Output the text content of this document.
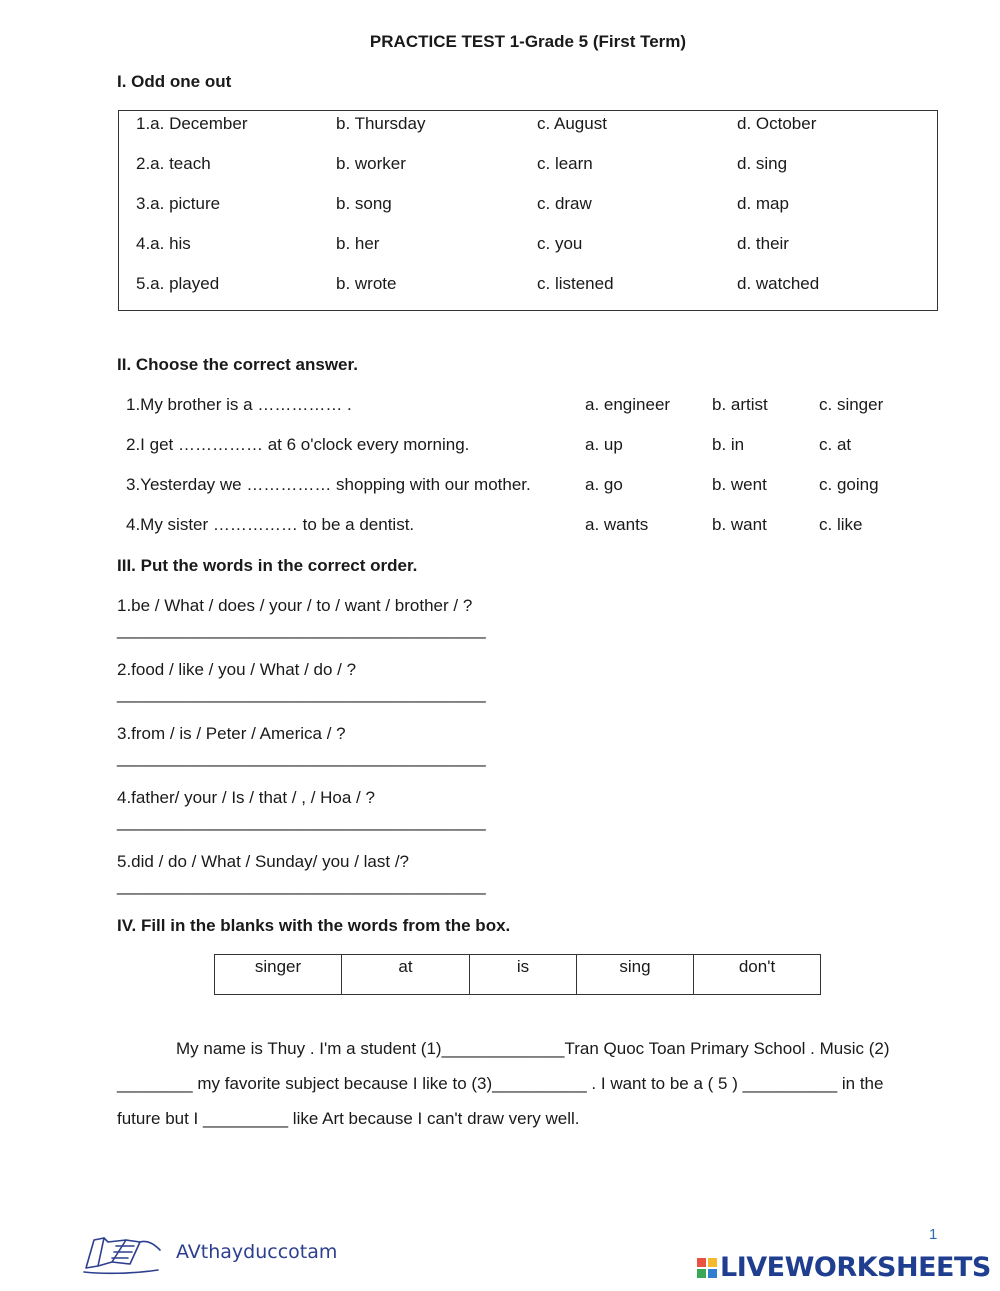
PRACTICE TEST 1-Grade 5 (First Term)
I. Odd one out
1.a. December	b. Thursday	c. August	d. October
2.a. teach	b. worker	c. learn	d. sing
3.a. picture	b. song	c. draw	d. map
4.a. his	b. her	c. you	d. their
5.a. played	b. wrote	c. listened	d. watched
II. Choose the correct answer.
1.My brother is a …………… .	a. engineer b. artist	c. singer
2.I get …………… at 6 o'clock every morning.	a. up	b. in	c. at
3.Yesterday we …………… shopping with our mother.	a. go	b. went	c. going
4.My sister …………… to be a dentist.	a. wants	b. want	c. like
III. Put the words in the correct order.
1.be / What / does / your / to / want / brother / ?
_______________________________________
2.food / like / you / What / do / ?
_______________________________________
3.from / is / Peter / America / ?
_______________________________________
4.father/ your / Is / that / , / Hoa / ?
_______________________________________
5.did / do / What / Sunday/ you / last /?
_______________________________________
IV. Fill in the blanks with the words from the box.
singer	at	is	sing	don't
My name is Thuy . I'm a student (1)_____________Tran Quoc Toan Primary School . Music (2)
________ my favorite subject because I like to (3)__________ . I want to be a ( 5 ) __________ in the
future but I _________ like Art because I can't draw very well.
1
AVthayduccotam	LIVEWORKSHEETS
